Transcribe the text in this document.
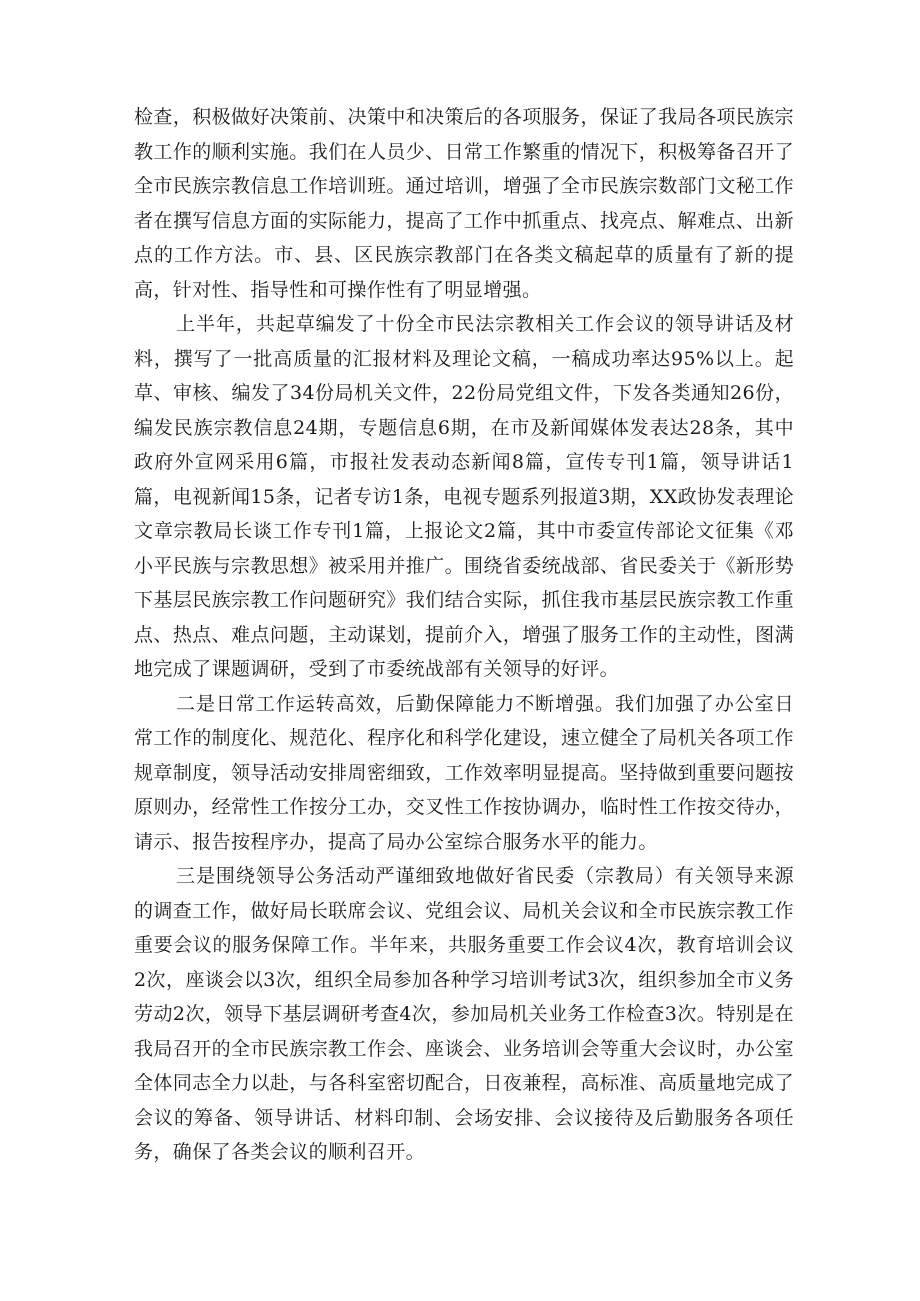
检查，积极做好决策前、决策中和决策后的各项服务，保证了我局各项民族宗教工作的顺利实施。我们在人员少、日常工作繁重的情况下，积极筹备召开了全市民族宗教信息工作培训班。通过培训，增强了全市民族宗数部门文秘工作者在撰写信息方面的实际能力，提高了工作中抓重点、找亮点、解难点、出新点的工作方法。市、县、区民族宗教部门在各类文稿起草的质量有了新的提高，针对性、指导性和可操作性有了明显增强。

上半年，共起草编发了十份全市民法宗教相关工作会议的领导讲话及材料，撰写了一批高质量的汇报材料及理论文稿，一稿成功率达95%以上。起草、审核、编发了34份局机关文件，22份局党组文件，下发各类通知26份，编发民族宗教信息24期，专题信息6期，在市及新闻媒体发表达28条，其中政府外宣网采用6篇，市报社发表动态新闻8篇，宣传专刊1篇，领导讲话1篇，电视新闻15条，记者专访1条，电视专题系列报道3期，XX政协发表理论文章宗教局长谈工作专刊1篇，上报论文2篇，其中市委宣传部论文征集《邓小平民族与宗教思想》被采用并推广。围绕省委统战部、省民委关于《新形势下基层民族宗教工作问题研究》我们结合实际，抓住我市基层民族宗教工作重点、热点、难点问题，主动谋划，提前介入，增强了服务工作的主动性，图满地完成了课题调研，受到了市委统战部有关领导的好评。

二是日常工作运转高效，后勤保障能力不断增强。我们加强了办公室日常工作的制度化、规范化、程序化和科学化建设，速立健全了局机关各项工作规章制度，领导活动安排周密细致，工作效率明显提高。坚持做到重要问题按原则办，经常性工作按分工办，交叉性工作按协调办，临时性工作按交待办，请示、报告按程序办，提高了局办公室综合服务水平的能力。

三是围绕领导公务活动严谨细致地做好省民委（宗教局）有关领导来源的调查工作，做好局长联席会议、党组会议、局机关会议和全市民族宗教工作重要会议的服务保障工作。半年来，共服务重要工作会议4次，教育培训会议2次，座谈会以3次，组织全局参加各种学习培训考试3次，组织参加全市义务劳动2次，领导下基层调研考查4次，参加局机关业务工作检查3次。特别是在我局召开的全市民族宗教工作会、座谈会、业务培训会等重大会议时，办公室全体同志全力以赴，与各科室密切配合，日夜兼程，高标准、高质量地完成了会议的筹备、领导讲话、材料印制、会场安排、会议接待及后勤服务各项任务，确保了各类会议的顺利召开。
